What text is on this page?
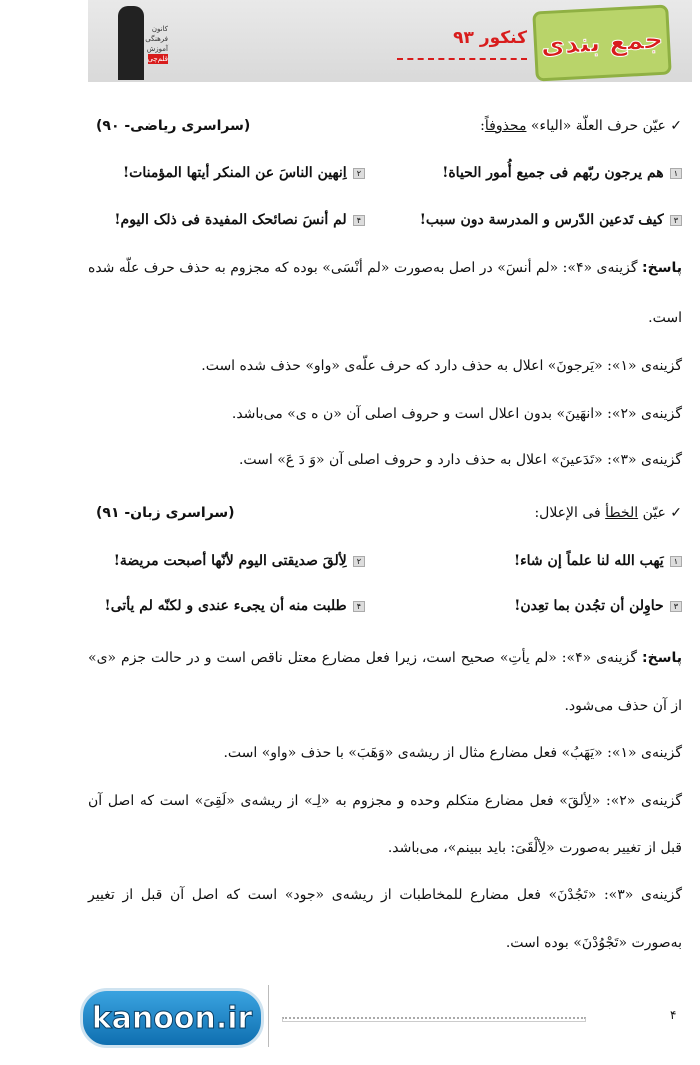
کانون
فرهنگی
آموزش
قلم‌چی	جمع بندی
کنکور ۹۳
✓ عیّن حرف العلّة «الیاء» محذوفاً:
(سراسری ریاضی- ۹۰)
۱هم یرجون ربّهم فی جمیع أُمور الحیاة!
۲اِنهین الناسَ عن المنکر أیتها المؤمنات!
۳کیف تَدعین الدّرس و المدرسة دون سبب!
۴لم أنسَ نصائحک المفیدة فی ذلک الیوم!
پاسخ: گزینه‌ی «۴»: «لم أنسَ» در اصل به‌صورت «لم أنْسَی» بوده که مجزوم به حذف حرف علّه شده
است.
گزینه‌ی «۱»: «یَرجونَ» اعلال به حذف دارد که حرف علّه‌ی «واو» حذف شده است.
گزینه‌ی «۲»: «انهَینَ» بدون اعلال است و حروف اصلی آن «ن ه ی» می‌باشد.
گزینه‌ی «۳»: «تَدَعینَ» اعلال به حذف دارد و حروف اصلی آن «وَ دَ عَ» است.
✓ عیّن الخطأ فی الإعلال:
(سراسری زبان- ۹۱)
۱یَهب الله لنا علماً إن شاء!
۲لِألقَ صدیقتی الیوم لأنّها أصبحت مریضة!
۳حاوِلن أن تجُدن بما تعِدن!
۴طلبت منه أن یجیء عندی و لکنّه لم یأتی!
پاسخ: گزینه‌ی «۴»: «لم یأتِ» صحیح است، زیرا فعل مضارع معتل ناقص است و در حالت جزم «ی»
از آن حذف می‌شود.
گزینه‌ی «۱»: «یَهَبُ» فعل مضارع مثال از ریشه‌ی «وَهَبَ» با حذف «واو» است.
گزینه‌ی «۲»: «لِألقَ» فعل مضارع متکلم وحده و مجزوم به «لِـ» از ریشه‌ی «لَقِیَ» است که اصل آن
قبل از تغییر به‌صورت «لِألْقَیَ: باید ببینم»، می‌باشد.
گزینه‌ی «۳»: «تَجُدْنَ» فعل مضارع للمخاطبات از ریشه‌ی «جود» است که اصل آن قبل از تغییر
به‌صورت «تَجْوُدْنَ» بوده است.
kanoon.ir	۴
